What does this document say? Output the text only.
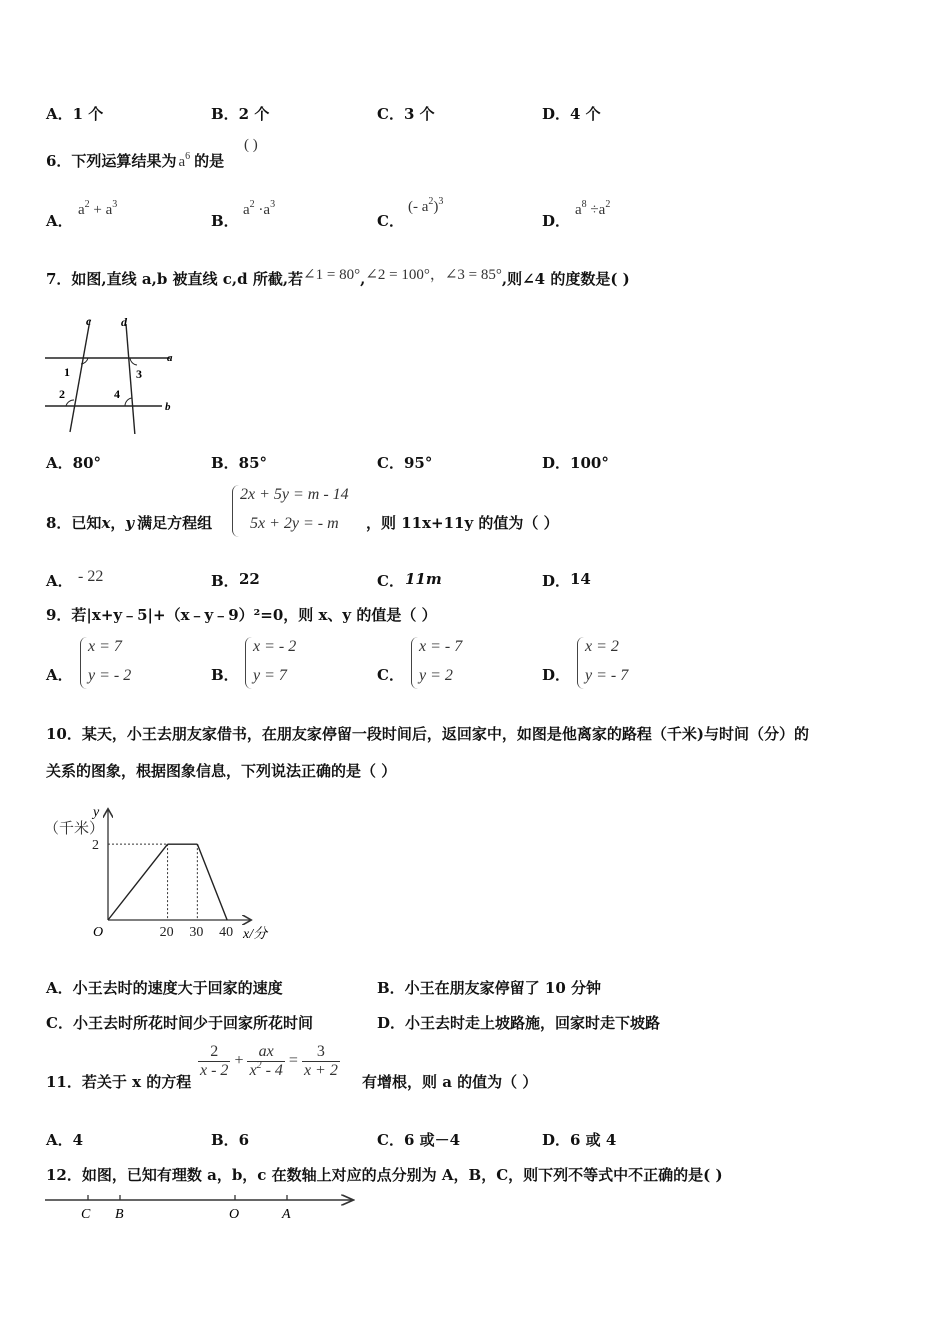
A．1 个	B．2 个	C．3 个	D．4 个
6．下列运算结果为 $a^6$ 的是
( )
A．
$a^2 + a^3$
B．
$a^2 \cdot a^3$
C．
(- $a^2)^3$
D．
$a^8 \div a^2$
7．如图,直线 a,b 被直线 c,d 所截,若∠1 = 80°,∠2 = 100°，∠3 = 85°,则∠4 的度数是( )
c d
a
b
1
2
3
4
A．80°	B．85°	C．95°	D．100°
8．已知x，y 满足方程组
2x + 5y = m - 14
5x + 2y = - m ，则 11x+11y 的值为（ ）
A． - 22	B． 22	C． 11m	D． 14
9．若|x+y﹣5|+（x﹣y﹣9）²=0，则 x、y 的值是（ ）
A．
x = 7
y = - 2	B．
x = - 2
y = 7	C．
x = - 7
y = 2	D．
x = 2
y = - 7
10．某天，小王去朋友家借书，在朋友家停留一段时间后，返回家中，如图是他离家的路程（千米)与时间（分）的
关系的图象，根据图象信息，下列说法正确的是（ ）
y
（千米）
O	x/分
20 30 40
2
A．小王去时的速度大于回家的速度	B．小王在朋友家停留了 10 分钟
C．小王去时所花时间少于回家所花时间	D．小王去时走上坡路施，回家时走下坡路
11．若关于 x 的方程
$\frac{2}{x - 2} + \frac{ax}{x^2 - 4} = \frac{3}{x + 2}$
有增根，则 a 的值为（ ）
A．4	B．6	C．6 或－4	D．6 或 4
12．如图，已知有理数 a，b，c 在数轴上对应的点分别为 A，B，C，则下列不等式中不正确的是( )
C B	O	A
